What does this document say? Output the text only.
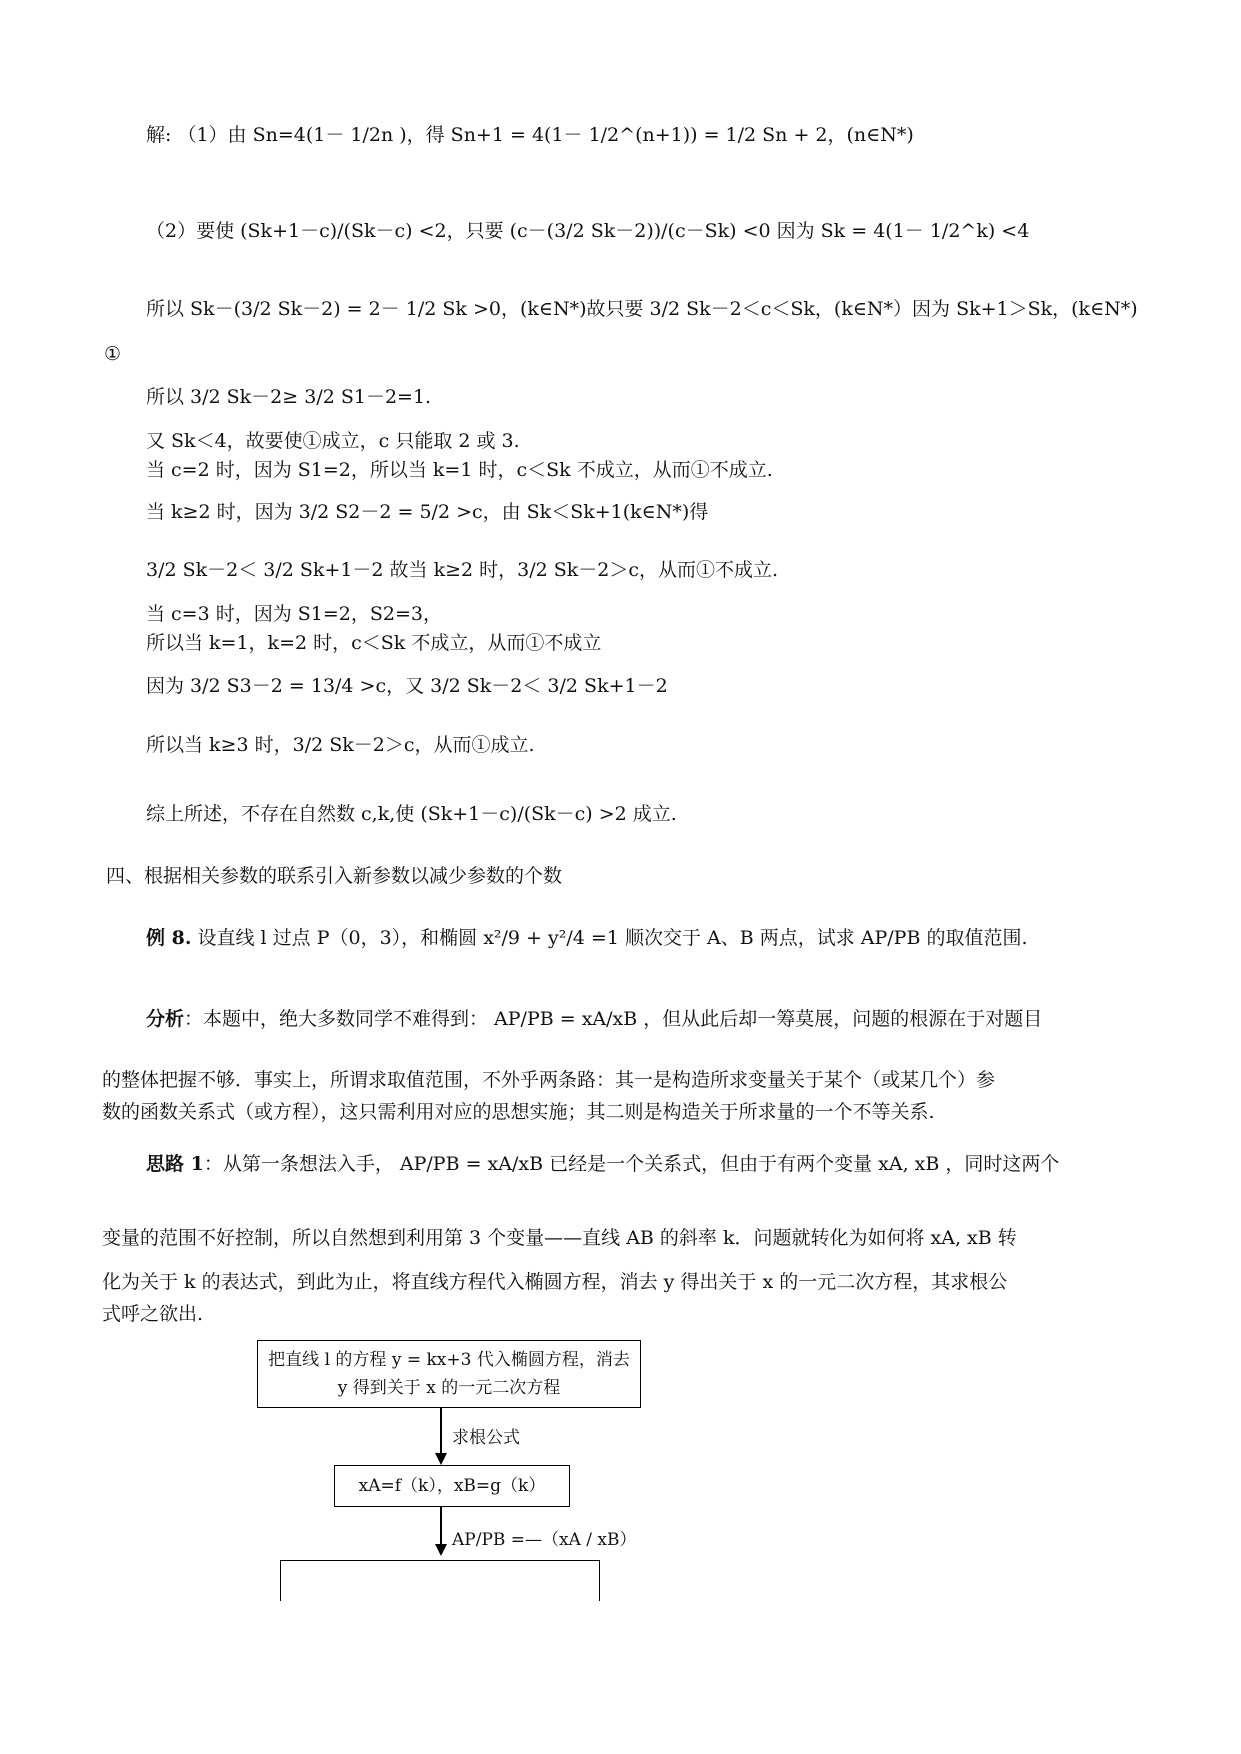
解: （1）由 Sn=4(1－ 1/2n )，得 Sn+1 = 4(1－ 1/2^(n+1)) = 1/2 Sn + 2，(n∈N*)
（2）要使 (Sk+1－c)/(Sk－c) <2，只要 (c－(3/2 Sk－2))/(c－Sk) <0 因为 Sk = 4(1－ 1/2^k) <4
所以 Sk－(3/2 Sk－2) = 2－ 1/2 Sk >0，(k∈N*)故只要 3/2 Sk－2＜c＜Sk，(k∈N*）因为 Sk+1＞Sk，(k∈N*)
①
所以 3/2 Sk－2≥ 3/2 S1－2=1.
又 Sk＜4，故要使①成立，c 只能取 2 或 3.
当 c=2 时，因为 S1=2，所以当 k=1 时，c＜Sk 不成立，从而①不成立.
当 k≥2 时，因为 3/2 S2－2 = 5/2 >c，由 Sk＜Sk+1(k∈N*)得
3/2 Sk－2＜ 3/2 Sk+1－2 故当 k≥2 时，3/2 Sk－2＞c，从而①不成立.
当 c=3 时，因为 S1=2，S2=3，
所以当 k=1，k=2 时，c＜Sk 不成立，从而①不成立
因为 3/2 S3－2 = 13/4 >c，又 3/2 Sk－2＜ 3/2 Sk+1－2
所以当 k≥3 时，3/2 Sk－2＞c，从而①成立.
综上所述，不存在自然数 c,k,使 (Sk+1－c)/(Sk－c) >2 成立.
四、根据相关参数的联系引入新参数以减少参数的个数
例 8. 设直线 l 过点 P（0，3），和椭圆 x²/9 + y²/4 =1 顺次交于 A、B 两点，试求 AP/PB 的取值范围.
分析：本题中，绝大多数同学不难得到： AP/PB = xA/xB ，但从此后却一筹莫展，问题的根源在于对题目
的整体把握不够．事实上，所谓求取值范围，不外乎两条路：其一是构造所求变量关于某个（或某几个）参数的函数关系式（或方程），这只需利用对应的思想实施；其二则是构造关于所求量的一个不等关系.
思路 1：从第一条想法入手， AP/PB = xA/xB 已经是一个关系式，但由于有两个变量 xA, xB ，同时这两个
变量的范围不好控制，所以自然想到利用第 3 个变量——直线 AB 的斜率 k．问题就转化为如何将 xA, xB 转
化为关于 k 的表达式，到此为止，将直线方程代入椭圆方程，消去 y 得出关于 x 的一元二次方程，其求根公式呼之欲出.
把直线 l 的方程 y = kx+3 代入椭圆方程，消去 y 得到关于 x 的一元二次方程
求根公式
xA=f（k），xB=g（k）
AP/PB =—（xA / xB）
